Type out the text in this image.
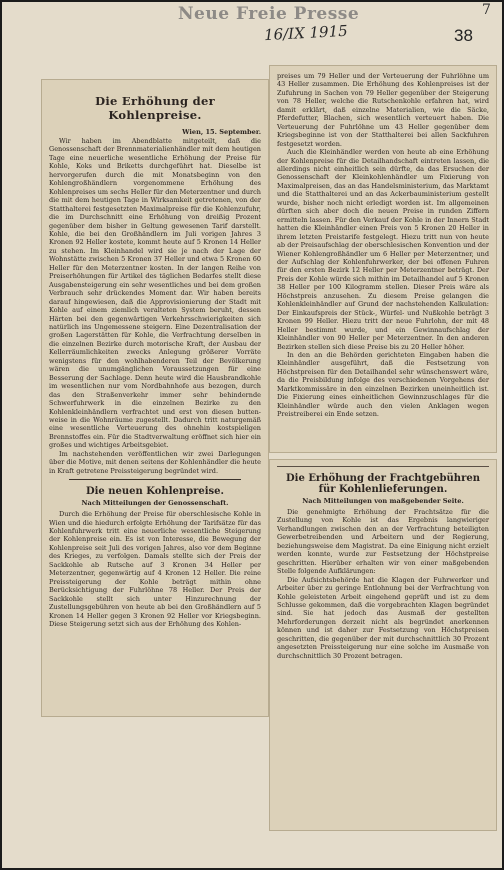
Neue Freie Presse
16/IX 1915	38
7
Die Erhöhung der Kohlenpreise.
Wien, 15. September.

Wir haben im Abendblatte mitgeteilt, daß die Genossenschaft der Brennmaterialienhändler mit dem heutigen Tage eine neuerliche wesentliche Erhöhung der Preise für Kohle, Koks und Briketts durchgeführt hat. Dieselbe ist hervorgerufen durch die mit Monatsbeginn von den Kohlengroßhändlern vorgenommene Erhöhung des Kohlenpreises um sechs Heller für den Meterzentner und durch die mit dem heutigen Tage in Wirksamkeit getretenen, von der Statthalterei festgesetzten Maximalpreise für die Kohlenzufuhr, die im Durchschnitt eine Erhöhung von dreißig Prozent gegenüber dem bisher in Geltung gewesenen Tarif darstellt. Kohle, die bei den Großhändlern im Juli vorigen Jahres 3 Kronen 92 Heller kostete, kommt heute auf 5 Kronen 14 Heller zu stehen. Im Kleinhandel wird sie je nach der Lage der Wohnstätte zwischen 5 Kronen 37 Heller und etwa 5 Kronen 60 Heller für den Meterzentner kosten. In der langen Reihe von Preiserhöhungen für Artikel des täglichen Bedarfes stellt diese Ausgabensteigerung ein sehr wesentliches und bei dem großen Verbrauch sehr drückendes Moment dar. Wir haben bereits darauf hingewiesen, daß die Approvisionierung der Stadt mit Kohle auf einem ziemlich veralteten System beruht, dessen Härten bei den gegenwärtigen Verkehrsschwierigkeiten sich natürlich ins Ungemessene steigern. Eine Dezentralisation der großen Lagerstätten für Kohle, die Verfrachtung derselben in die einzelnen Bezirke durch motorische Kraft, der Ausbau der Kellerräumlichkeiten zwecks Anlegung größerer Vorräte wenigstens für den wohlhabenderen Teil der Bevölkerung wären die unumgänglichen Voraussetzungen für eine Besserung der Sachlage. Denn heute wird die Hausbrandkohle im wesentlichen nur vom Nordbahnhofe aus bezogen, durch das den Straßenverkehr immer sehr behindernde Schwerfuhrwerk in die einzelnen Bezirke zu den Kohlenkleinhändlern verfrachtet und erst von diesen butten- weise in die Wohnräume zugestellt. Dadurch tritt naturgemäß eine wesentliche Verteuerung des ohnehin kostspieligen Brennstoffes ein. Für die Stadtverwaltung eröffnet sich hier ein großes und wichtiges Arbeitsgebiet.

Im nachstehenden veröffentlichen wir zwei Darlegungen über die Motive, mit denen seitens der Kohlenhändler die heute in Kraft getretene Preissteigerung begründet wird.

Die neuen Kohlenpreise.
Nach Mitteilungen der Genossenschaft.

Durch die Erhöhung der Preise für oberschlesische Kohle in Wien und die hiedurch erfolgte Erhöhung der Tarifsätze für das Kohlenfuhrwerk tritt eine neuerliche wesentliche Steigerung der Kohlenpreise ein. Es ist von Interesse, die Bewegung der Kohlenpreise seit Juli des vorigen Jahres, also vor dem Beginne des Krieges, zu verfolgen. Damals stellte sich der Preis der Sackkohle ab Rutsche auf 3 Kronen 34 Heller per Meterzentner, gegenwärtig auf 4 Kronen 12 Heller. Die reine Preissteigerung der Kohle beträgt mithin ohne Berücksichtigung der Fuhrlöhne 78 Heller. Der Preis der Sackkohle stellt sich unter Hinzurechnung der Zustellungsgebühren von heute ab bei den Großhändlern auf 5 Kronen 14 Heller gegen 3 Kronen 92 Heller vor Kriegsbeginn. Diese Steigerung setzt sich aus der Erhöhung des Kohlen-

preises um 79 Heller und der Verteuerung der Fuhrlöhne um 43 Heller zusammen. Die Erhöhung des Kohlenpreises ist der Zufuhrung in Sachen von 79 Heller gegenüber der Steigerung von 78 Heller, welche die Rutschenkohle erfahren hat, wird damit erklärt, daß einzelne Materialien, wie die Säcke, Pferdefutter, Blachen, sich wesentlich verteuert haben. Die Verteuerung der Fuhrlöhne um 43 Heller gegenüber dem Kriegsbeginne ist von der Statthalterei bei allen Sackfuhren festgesetzt worden.

Auch die Kleinhändler werden von heute ab eine Erhöhung der Kohlenpreise für die Detailhandschaft eintreten lassen, die allerdings nicht einheitlich sein dürfte, da das Ersuchen der Genossenschaft der Kleinkohlenhändler um Fixierung von Maximalpreisen, das an das Handelsministerium, das Marktamt und die Statthalterei und an das Ackerbauministerium gestellt wurde, bisher noch nicht erledigt worden ist. Im allgemeinen dürften sich aber doch die neuen Preise in runden Ziffern ermitteln lassen. Für den Verkauf der Kohle in der Innern Stadt hatten die Kleinhändler einen Preis von 5 Kronen 20 Heller in ihrem letzten Preistarife festgelegt. Hiezu tritt nun von heute ab der Preisaufschlag der oberschlesischen Konvention und der Wiener Kohlengroßhändler um 6 Heller per Meterzentner, und der Aufschlag der Kohlenfuhrwerker, der bei offenen Fuhren für den ersten Bezirk 12 Heller per Meterzentner beträgt. Der Preis der Kohle würde sich mithin im Detailhandel auf 5 Kronen 38 Heller per 100 Kilogramm stellen. Dieser Preis wäre als Höchstpreis anzusehen. Zu diesem Preise gelangen die Kohlenkleinhändler auf Grund der nachstehenden Kalkulation: Der Einkaufspreis der Stück-, Würfel- und Nußkohle beträgt 3 Kronen 99 Heller. Hiezu tritt der neue Fuhrlohn, der mit 48 Heller bestimmt wurde, und ein Gewinnaufschlag der Kleinhändler von 90 Heller per Meterzentner. In den anderen Bezirken stellen sich diese Preise bis zu 20 Heller höher.

In den an die Behörden gerichteten Eingaben haben die Kleinhändler ausgeführt, daß die Festsetzung von Höchstpreisen für den Detailhandel sehr wünschenswert wäre, da die Preisbildung infolge des verschiedenen Vorgehens der Marktkommissäre in den einzelnen Bezirken uneinheitlich ist. Die Fixierung eines einheitlichen Gewinnzuschlages für die Kleinhändler würde auch den vielen Anklagen wegen Preistreiberei ein Ende setzen.

Die Erhöhung der Frachtgebühren für Kohlenlieferungen.
Nach Mitteilungen von maßgebender Seite.

Die genehmigte Erhöhung der Frachtsätze für die Zustellung von Kohle ist das Ergebnis langwieriger Verhandlungen zwischen den an der Verfrachtung beteiligten Gewerbetreibenden und Arbeitern und der Regierung, beziehungsweise dem Magistrat. Da eine Einigung nicht erzielt werden konnte, wurde zur Festsetzung der Höchstpreise geschritten. Hierüber erhalten wir von einer maßgebenden Stelle folgende Aufklärungen:

Die Aufsichtsbehörde hat die Klagen der Fuhrwerker und Arbeiter über zu geringe Entlohnung bei der Verfrachtung von Kohle geleisteten Arbeit eingehend geprüft und ist zu dem Schlusse gekommen, daß die vorgebrachten Klagen begründet sind. Sie hat jedoch das Ausmaß der gestellten Mehrforderungen derzeit nicht als begründet anerkennen können und ist daher zur Festsetzung von Höchstpreisen geschritten, die gegenüber der mit durchschnittlich 30 Prozent angesetzten Preissteigerung nur eine solche im Ausmaße von durchschnittlich 30 Prozent betragen.
